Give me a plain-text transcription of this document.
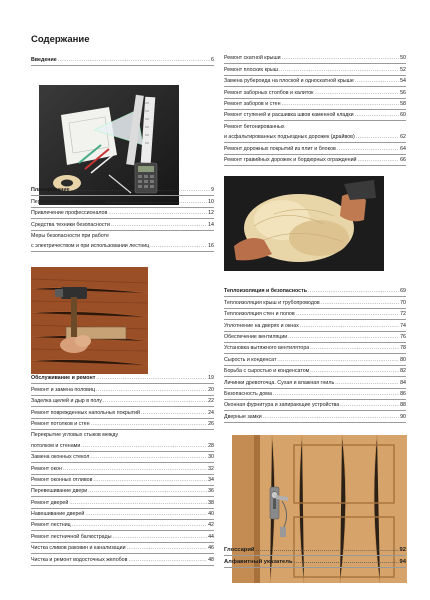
Содержание
Введение .....	6
Планирование .....	9
Перспективное планирование .....	10
Привлечение профессионалов .....	12
Средства техники безопасности .....	14
Меры безопасности при работе
с электричеством и при использовании лестниц .....	16
Обслуживание и ремонт .....	19
Ремонт и замена половиц .....	20
Заделка щелей и дыр в полу .....	22
Ремонт поврежденных напольных покрытий .....	24
Ремонт потолков и стен .....	26
Перекрытие угловых стыков между
потолком и стенами .....	28
Замена оконных стекол .....	30
Ремонт окон .....	32
Ремонт оконных отливов .....	34
Перевешивание двери .....	36
Ремонт дверей .....	38
Навешивание дверей .....	40
Ремонт лестниц .....	42
Ремонт лестничной балюстрады .....	44
Чистка сливов раковин и канализации .....	46
Чистка и ремонт водосточных желобов .....	48
Ремонт скатной крыши .....	50
Ремонт плоских крыш .....	52
Замена рубероида на плоской и односкатной крыше .....	54
Ремонт заборных столбов и калиток .....	56
Ремонт заборов и стен .....	58
Ремонт ступеней и расшивка швов каменной кладки .....	60
Ремонт бетонированных
и асфальтированных подъездных дорожек (драйвов) .....	62
Ремонт дорожных покрытий из плит и блоков .....	64
Ремонт гравийных дорожек и бордюрных ограждений .....	66
Теплоизоляция и безопасность .....	69
Теплоизоляция крыш и трубопроводов .....	70
Теплоизоляция стен и полов .....	72
Уплотнение на дверях и окнах .....	74
Обеспечение вентиляции .....	76
Установка вытяжного вентилятора .....	78
Сырость и конденсат .....	80
Борьба с сыростью и конденсатом .....	82
Личинки древоточца. Сухая и влажная гниль .....	84
Безопасность дома .....	86
Оконная фурнитура и запирающие устройства .....	88
Дверные замки .....	90
Глоссарий .....	92
Алфавитный указатель .....	94
